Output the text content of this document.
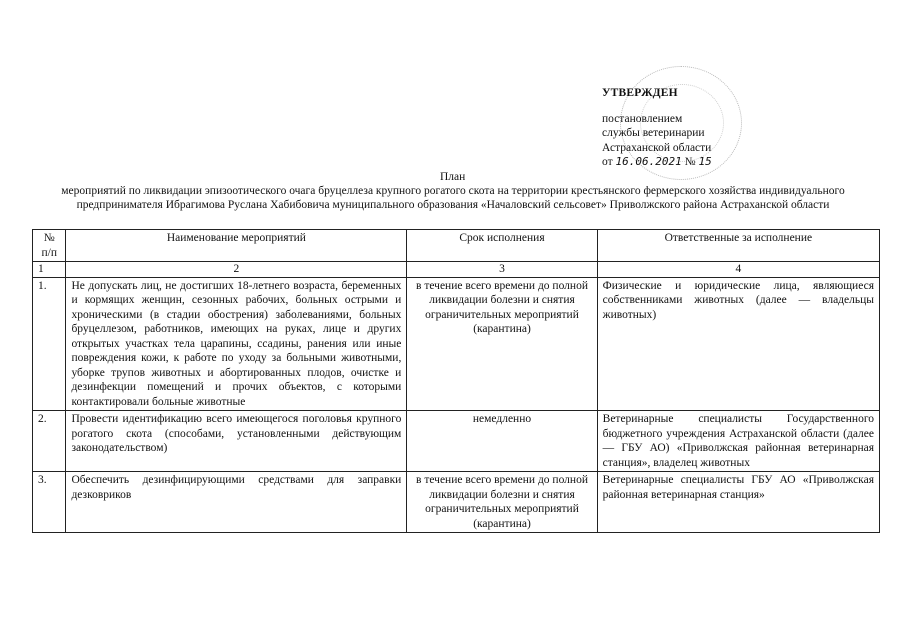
УТВЕРЖДЕН
постановлением
службы ветеринарии
Астраханской области
от 16.06.2021 № 15
План
мероприятий по ликвидации эпизоотического очага бруцеллеза крупного рогатого скота на территории крестьянского фермерского хозяйства индивидуального предпринимателя Ибрагимова Руслана Хабибовича муниципального образования «Началовский сельсовет» Приволжского района Астраханской области
№ п/п	Наименование мероприятий	Срок исполнения	Ответственные за исполнение
1	2	3	4
1.	Не допускать лиц, не достигших 18-летнего возраста, беременных и кормящих женщин, сезонных рабочих, больных острыми и хроническими (в стадии обострения) заболеваниями, больных бруцеллезом, работников, имеющих на руках, лице и других открытых участках тела царапины, ссадины, ранения или иные повреждения кожи, к работе по уходу за больными животными, уборке трупов животных и абортированных плодов, очистке и дезинфекции помещений и прочих объектов, с которыми контактировали больные животные	в течение всего времени до полной ликвидации болезни и снятия ограничительных мероприятий (карантина)	Физические и юридические лица, являющиеся собственниками животных (далее — владельцы животных)
2.	Провести идентификацию всего имеющегося поголовья крупного рогатого скота (способами, установленными действующим законодательством)	немедленно	Ветеринарные специалисты Государственного бюджетного учреждения Астраханской области (далее — ГБУ АО) «Приволжская районная ветеринарная станция», владелец животных
3.	Обеспечить дезинфицирующими средствами для заправки дезковриков	в течение всего времени до полной ликвидации болезни и снятия ограничительных мероприятий (карантина)	Ветеринарные специалисты ГБУ АО «Приволжская районная ветеринарная станция»
